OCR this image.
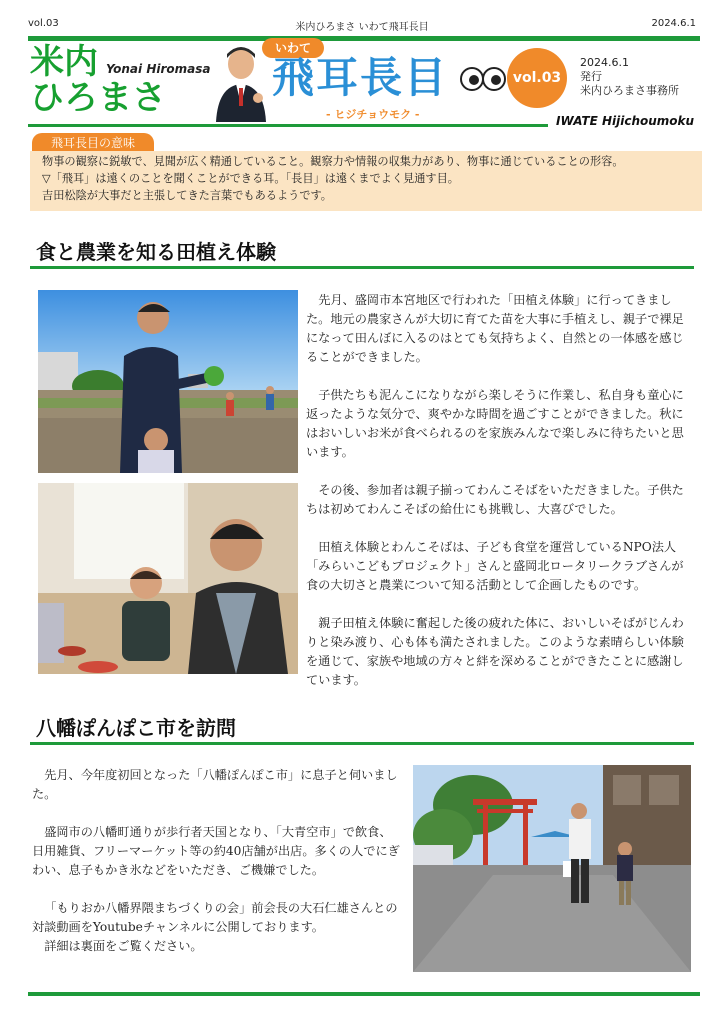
vol.03	米内ひろまさ いわて飛耳長目	2024.6.1
米内
ひろまさ
Yonai Hiromasa
いわて
飛耳長目
- ヒジチョウモク -
vol.03
2024.6.1
発行
米内ひろまさ事務所
IWATE Hijichoumoku
飛耳長目の意味
物事の観察に鋭敏で、見聞が広く精通していること。観察力や情報の収集力があり、物事に通じていることの形容。
▽「飛耳」は遠くのことを聞くことができる耳。「長目」は遠くまでよく見通す目。
吉田松陰が大事だと主張してきた言葉でもあるようです。
食と農業を知る田植え体験

先月、盛岡市本宮地区で行われた「田植え体験」に行ってきました。地元の農家さんが大切に育てた苗を大事に手植えし、親子で裸足になって田んぼに入るのはとても気持ちよく、自然との一体感を感じることができました。

子供たちも泥んこになりながら楽しそうに作業し、私自身も童心に返ったような気分で、爽やかな時間を過ごすことができました。秋にはおいしいお米が食べられるのを家族みんなで楽しみに待ちたいと思います。

その後、参加者は親子揃ってわんこそばをいただきました。子供たちは初めてわんこそばの給仕にも挑戦し、大喜びでした。

田植え体験とわんこそばは、子ども食堂を運営しているNPO法人「みらいこどもプロジェクト」さんと盛岡北ロータリークラブさんが食の大切さと農業について知る活動として企画したものです。

親子田植え体験に奮起した後の疲れた体に、おいしいそばがじんわりと染み渡り、心も体も満たされました。このような素晴らしい体験を通じて、家族や地域の方々と絆を深めることができたことに感謝しています。

八幡ぽんぽこ市を訪問

先月、今年度初回となった「八幡ぽんぽこ市」に息子と伺いました。

盛岡市の八幡町通りが歩行者天国となり、「大青空市」で飲食、日用雑貨、フリーマーケット等の約40店舗が出店。多くの人でにぎわい、息子もかき氷などをいただき、ご機嫌でした。

「もりおか八幡界隈まちづくりの会」前会長の大石仁雄さんとの対談動画をYoutubeチャンネルに公開しております。

詳細は裏面をご覧ください。
